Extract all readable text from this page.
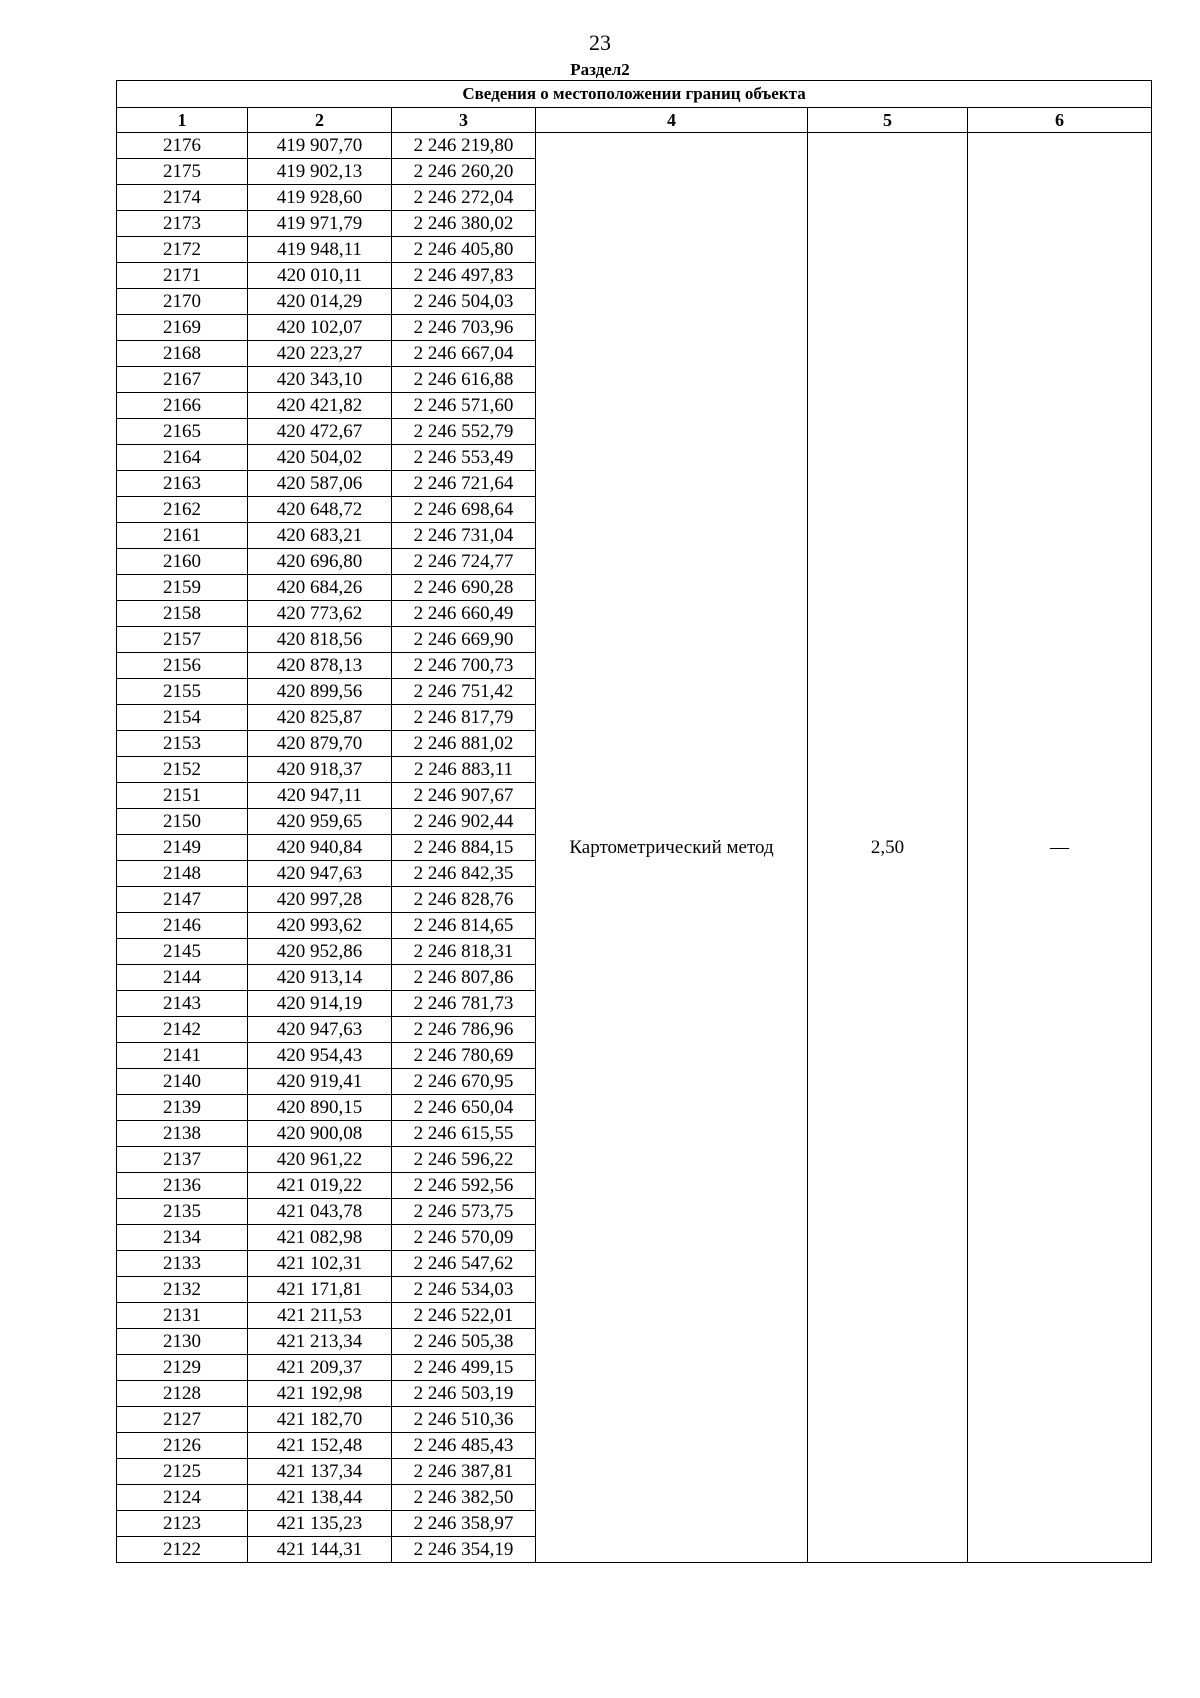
23
Раздел2
Сведения о местоположении границ объекта					
1	2	3	4	5	6
2176	419 907,70	2 246 219,80	Картометрический метод	2,50	—
2175	419 902,13	2 246 260,20			
2174	419 928,60	2 246 272,04			
2173	419 971,79	2 246 380,02			
2172	419 948,11	2 246 405,80			
2171	420 010,11	2 246 497,83			
2170	420 014,29	2 246 504,03			
2169	420 102,07	2 246 703,96			
2168	420 223,27	2 246 667,04			
2167	420 343,10	2 246 616,88			
2166	420 421,82	2 246 571,60			
2165	420 472,67	2 246 552,79			
2164	420 504,02	2 246 553,49			
2163	420 587,06	2 246 721,64			
2162	420 648,72	2 246 698,64			
2161	420 683,21	2 246 731,04			
2160	420 696,80	2 246 724,77			
2159	420 684,26	2 246 690,28			
2158	420 773,62	2 246 660,49			
2157	420 818,56	2 246 669,90			
2156	420 878,13	2 246 700,73			
2155	420 899,56	2 246 751,42			
2154	420 825,87	2 246 817,79			
2153	420 879,70	2 246 881,02			
2152	420 918,37	2 246 883,11			
2151	420 947,11	2 246 907,67			
2150	420 959,65	2 246 902,44			
2149	420 940,84	2 246 884,15			
2148	420 947,63	2 246 842,35			
2147	420 997,28	2 246 828,76			
2146	420 993,62	2 246 814,65			
2145	420 952,86	2 246 818,31			
2144	420 913,14	2 246 807,86			
2143	420 914,19	2 246 781,73			
2142	420 947,63	2 246 786,96			
2141	420 954,43	2 246 780,69			
2140	420 919,41	2 246 670,95			
2139	420 890,15	2 246 650,04			
2138	420 900,08	2 246 615,55			
2137	420 961,22	2 246 596,22			
2136	421 019,22	2 246 592,56			
2135	421 043,78	2 246 573,75			
2134	421 082,98	2 246 570,09			
2133	421 102,31	2 246 547,62			
2132	421 171,81	2 246 534,03			
2131	421 211,53	2 246 522,01			
2130	421 213,34	2 246 505,38			
2129	421 209,37	2 246 499,15			
2128	421 192,98	2 246 503,19			
2127	421 182,70	2 246 510,36			
2126	421 152,48	2 246 485,43			
2125	421 137,34	2 246 387,81			
2124	421 138,44	2 246 382,50			
2123	421 135,23	2 246 358,97			
2122	421 144,31	2 246 354,19			
